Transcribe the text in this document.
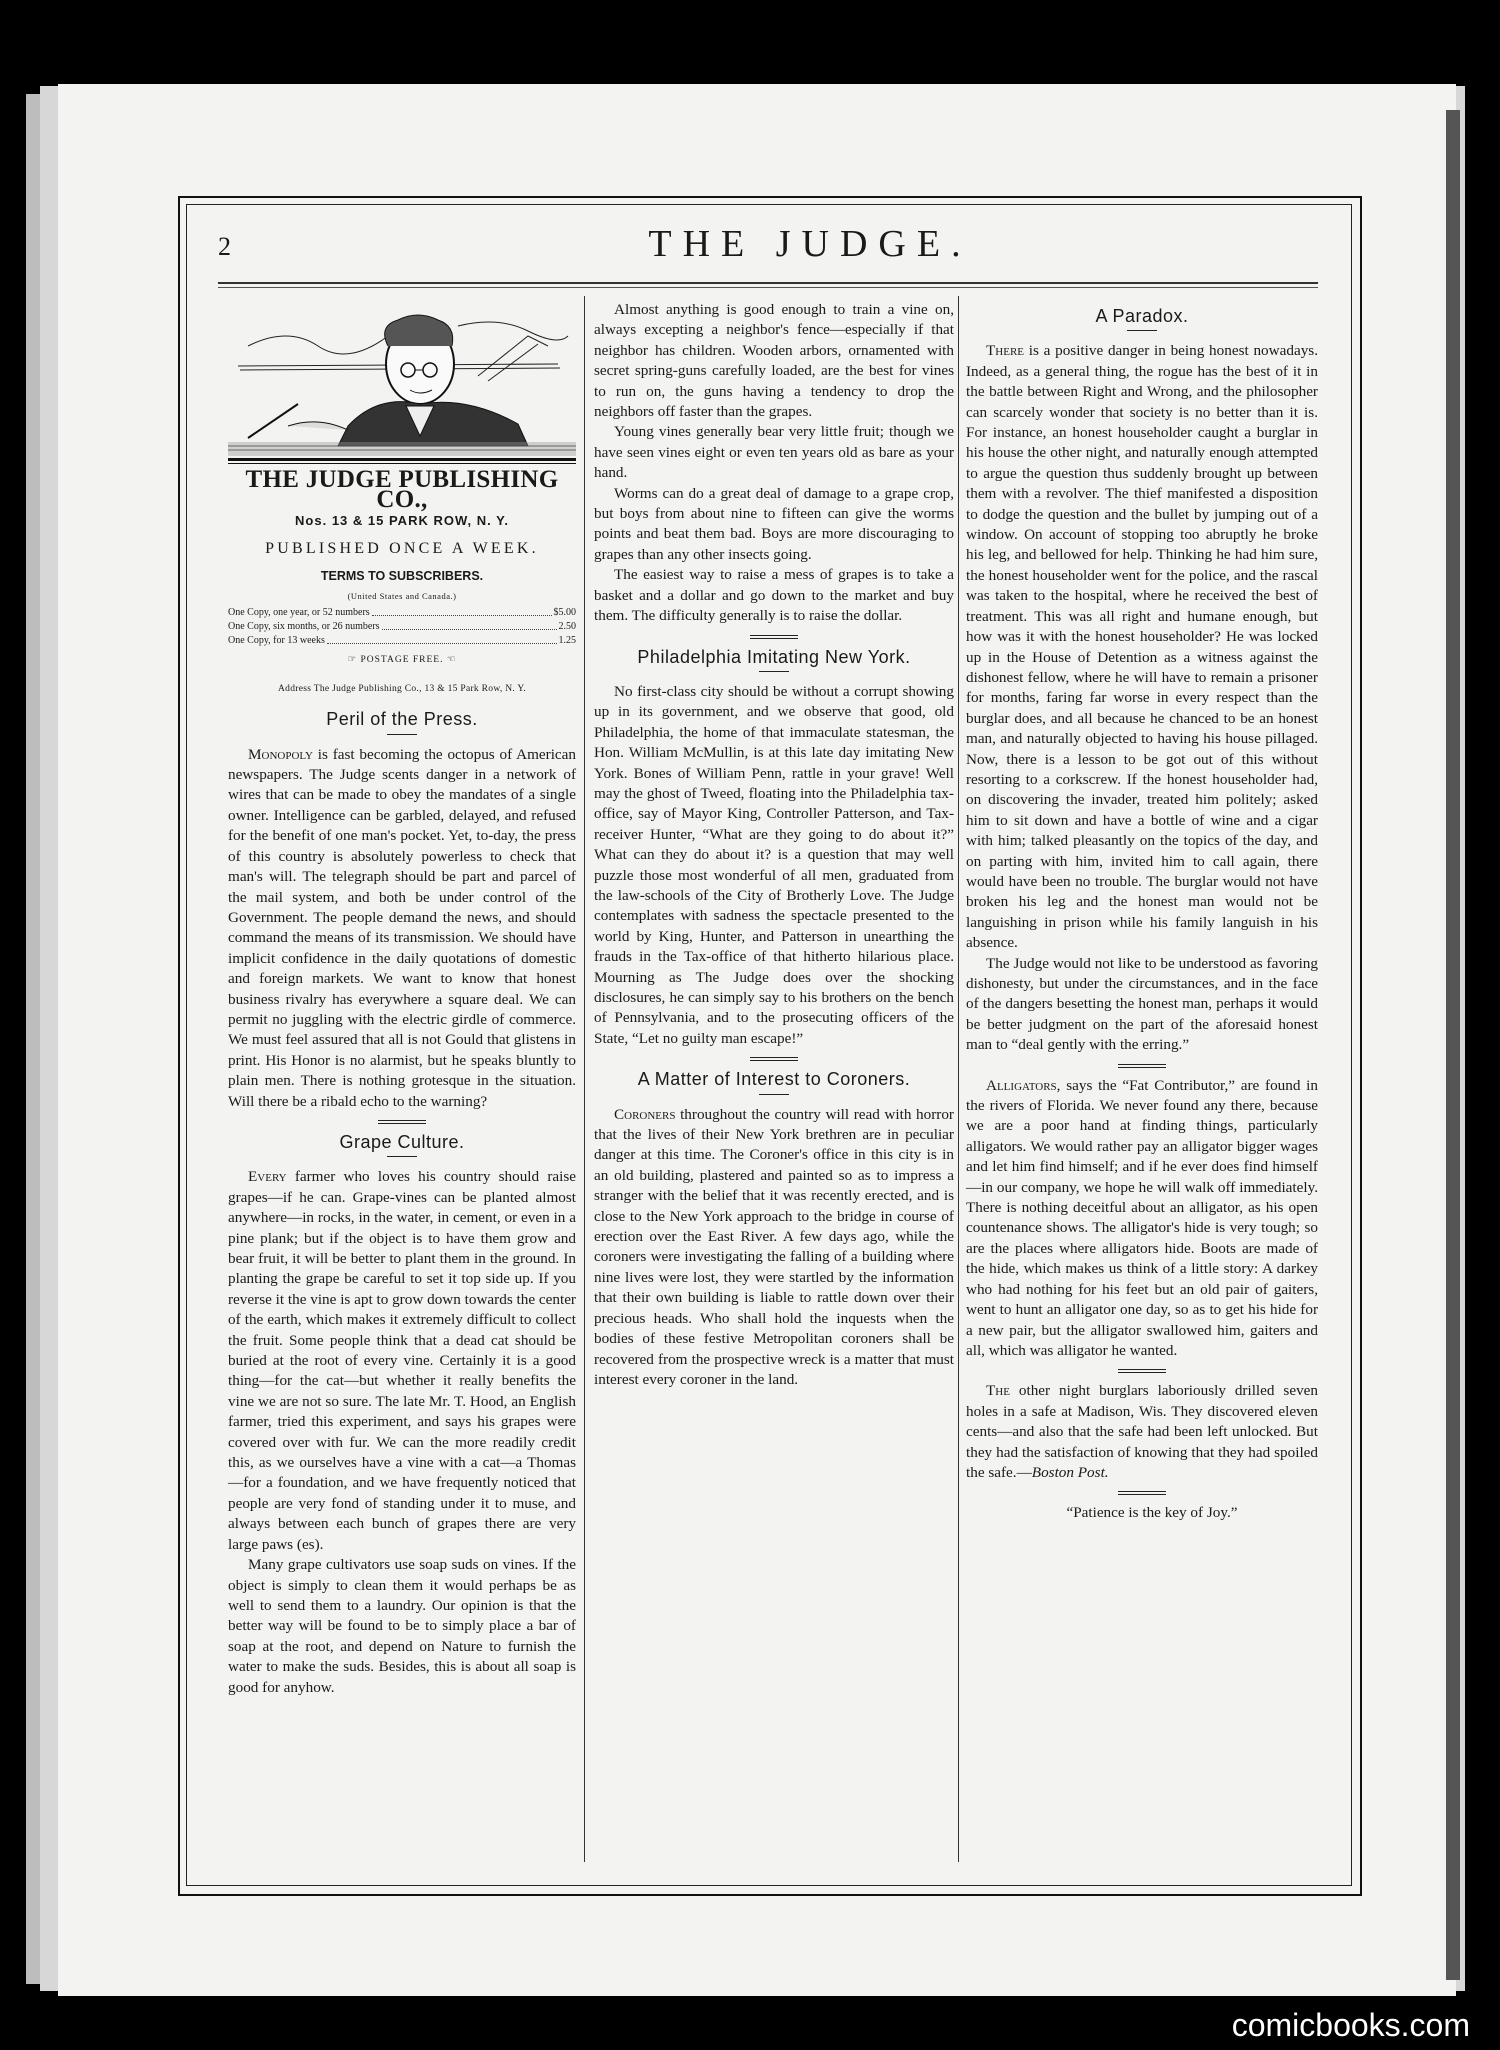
2	THE JUDGE.
THE JUDGE PUBLISHING CO.,
Nos. 13 & 15 PARK ROW, N. Y.
PUBLISHED ONCE A WEEK.
TERMS TO SUBSCRIBERS.
(United States and Canada.)
One Copy, one year, or 52 numbers	$5.00
One Copy, six months, or 26 numbers	2.50
One Copy, for 13 weeks	1.25
☞ POSTAGE FREE. ☜
Address The Judge Publishing Co., 13 & 15 Park Row, N. Y.
Peril of the Press.

Monopoly is fast becoming the octopus of American newspapers. The Judge scents danger in a network of wires that can be made to obey the mandates of a single owner. Intelligence can be garbled, delayed, and refused for the benefit of one man's pocket. Yet, to-day, the press of this country is absolutely powerless to check that man's will. The telegraph should be part and parcel of the mail system, and both be under control of the Government. The people demand the news, and should command the means of its transmission. We should have implicit confidence in the daily quotations of domestic and foreign markets. We want to know that honest business rivalry has everywhere a square deal. We can permit no juggling with the electric girdle of commerce. We must feel assured that all is not Gould that glistens in print. His Honor is no alarmist, but he speaks bluntly to plain men. There is nothing grotesque in the situation. Will there be a ribald echo to the warning?

Grape Culture.

Every farmer who loves his country should raise grapes—if he can. Grape-vines can be planted almost anywhere—in rocks, in the water, in cement, or even in a pine plank; but if the object is to have them grow and bear fruit, it will be better to plant them in the ground. In planting the grape be careful to set it top side up. If you reverse it the vine is apt to grow down towards the center of the earth, which makes it extremely difficult to collect the fruit. Some people think that a dead cat should be buried at the root of every vine. Certainly it is a good thing—for the cat—but whether it really benefits the vine we are not so sure. The late Mr. T. Hood, an English farmer, tried this experiment, and says his grapes were covered over with fur. We can the more readily credit this, as we ourselves have a vine with a cat—a Thomas—for a foundation, and we have frequently noticed that people are very fond of standing under it to muse, and always between each bunch of grapes there are very large paws (es).

Many grape cultivators use soap suds on vines. If the object is simply to clean them it would perhaps be as well to send them to a laundry. Our opinion is that the better way will be found to be to simply place a bar of soap at the root, and depend on Nature to furnish the water to make the suds. Besides, this is about all soap is good for anyhow.

Almost anything is good enough to train a vine on, always excepting a neighbor's fence—especially if that neighbor has children. Wooden arbors, ornamented with secret spring-guns carefully loaded, are the best for vines to run on, the guns having a tendency to drop the neighbors off faster than the grapes.

Young vines generally bear very little fruit; though we have seen vines eight or even ten years old as bare as your hand.

Worms can do a great deal of damage to a grape crop, but boys from about nine to fifteen can give the worms points and beat them bad. Boys are more discouraging to grapes than any other insects going.

The easiest way to raise a mess of grapes is to take a basket and a dollar and go down to the market and buy them. The difficulty generally is to raise the dollar.

Philadelphia Imitating New York.

No first-class city should be without a corrupt showing up in its government, and we observe that good, old Philadelphia, the home of that immaculate statesman, the Hon. William McMullin, is at this late day imitating New York. Bones of William Penn, rattle in your grave! Well may the ghost of Tweed, floating into the Philadelphia tax-office, say of Mayor King, Controller Patterson, and Tax-receiver Hunter, “What are they going to do about it?” What can they do about it? is a question that may well puzzle those most wonderful of all men, graduated from the law-schools of the City of Brotherly Love. The Judge contemplates with sadness the spectacle presented to the world by King, Hunter, and Patterson in unearthing the frauds in the Tax-office of that hitherto hilarious place. Mourning as The Judge does over the shocking disclosures, he can simply say to his brothers on the bench of Pennsylvania, and to the prosecuting officers of the State, “Let no guilty man escape!”

A Matter of Interest to Coroners.

Coroners throughout the country will read with horror that the lives of their New York brethren are in peculiar danger at this time. The Coroner's office in this city is in an old building, plastered and painted so as to impress a stranger with the belief that it was recently erected, and is close to the New York approach to the bridge in course of erection over the East River. A few days ago, while the coroners were investigating the falling of a building where nine lives were lost, they were startled by the information that their own building is liable to rattle down over their precious heads. Who shall hold the inquests when the bodies of these festive Metropolitan coroners shall be recovered from the prospective wreck is a matter that must interest every coroner in the land.

A Paradox.

There is a positive danger in being honest nowadays. Indeed, as a general thing, the rogue has the best of it in the battle between Right and Wrong, and the philosopher can scarcely wonder that society is no better than it is. For instance, an honest householder caught a burglar in his house the other night, and naturally enough attempted to argue the question thus suddenly brought up between them with a revolver. The thief manifested a disposition to dodge the question and the bullet by jumping out of a window. On account of stopping too abruptly he broke his leg, and bellowed for help. Thinking he had him sure, the honest householder went for the police, and the rascal was taken to the hospital, where he received the best of treatment. This was all right and humane enough, but how was it with the honest householder? He was locked up in the House of Detention as a witness against the dishonest fellow, where he will have to remain a prisoner for months, faring far worse in every respect than the burglar does, and all because he chanced to be an honest man, and naturally objected to having his house pillaged. Now, there is a lesson to be got out of this without resorting to a corkscrew. If the honest householder had, on discovering the invader, treated him politely; asked him to sit down and have a bottle of wine and a cigar with him; talked pleasantly on the topics of the day, and on parting with him, invited him to call again, there would have been no trouble. The burglar would not have broken his leg and the honest man would not be languishing in prison while his family languish in his absence.

The Judge would not like to be understood as favoring dishonesty, but under the circumstances, and in the face of the dangers besetting the honest man, perhaps it would be better judgment on the part of the aforesaid honest man to “deal gently with the erring.”

Alligators, says the “Fat Contributor,” are found in the rivers of Florida. We never found any there, because we are a poor hand at finding things, particularly alligators. We would rather pay an alligator bigger wages and let him find himself; and if he ever does find himself—in our company, we hope he will walk off immediately. There is nothing deceitful about an alligator, as his open countenance shows. The alligator's hide is very tough; so are the places where alligators hide. Boots are made of the hide, which makes us think of a little story: A darkey who had nothing for his feet but an old pair of gaiters, went to hunt an alligator one day, so as to get his hide for a new pair, but the alligator swallowed him, gaiters and all, which was alligator he wanted.

The other night burglars laboriously drilled seven holes in a safe at Madison, Wis. They discovered eleven cents—and also that the safe had been left unlocked. But they had the satisfaction of knowing that they had spoiled the safe.—Boston Post.

“Patience is the key of Joy.”

comicbooks.com
